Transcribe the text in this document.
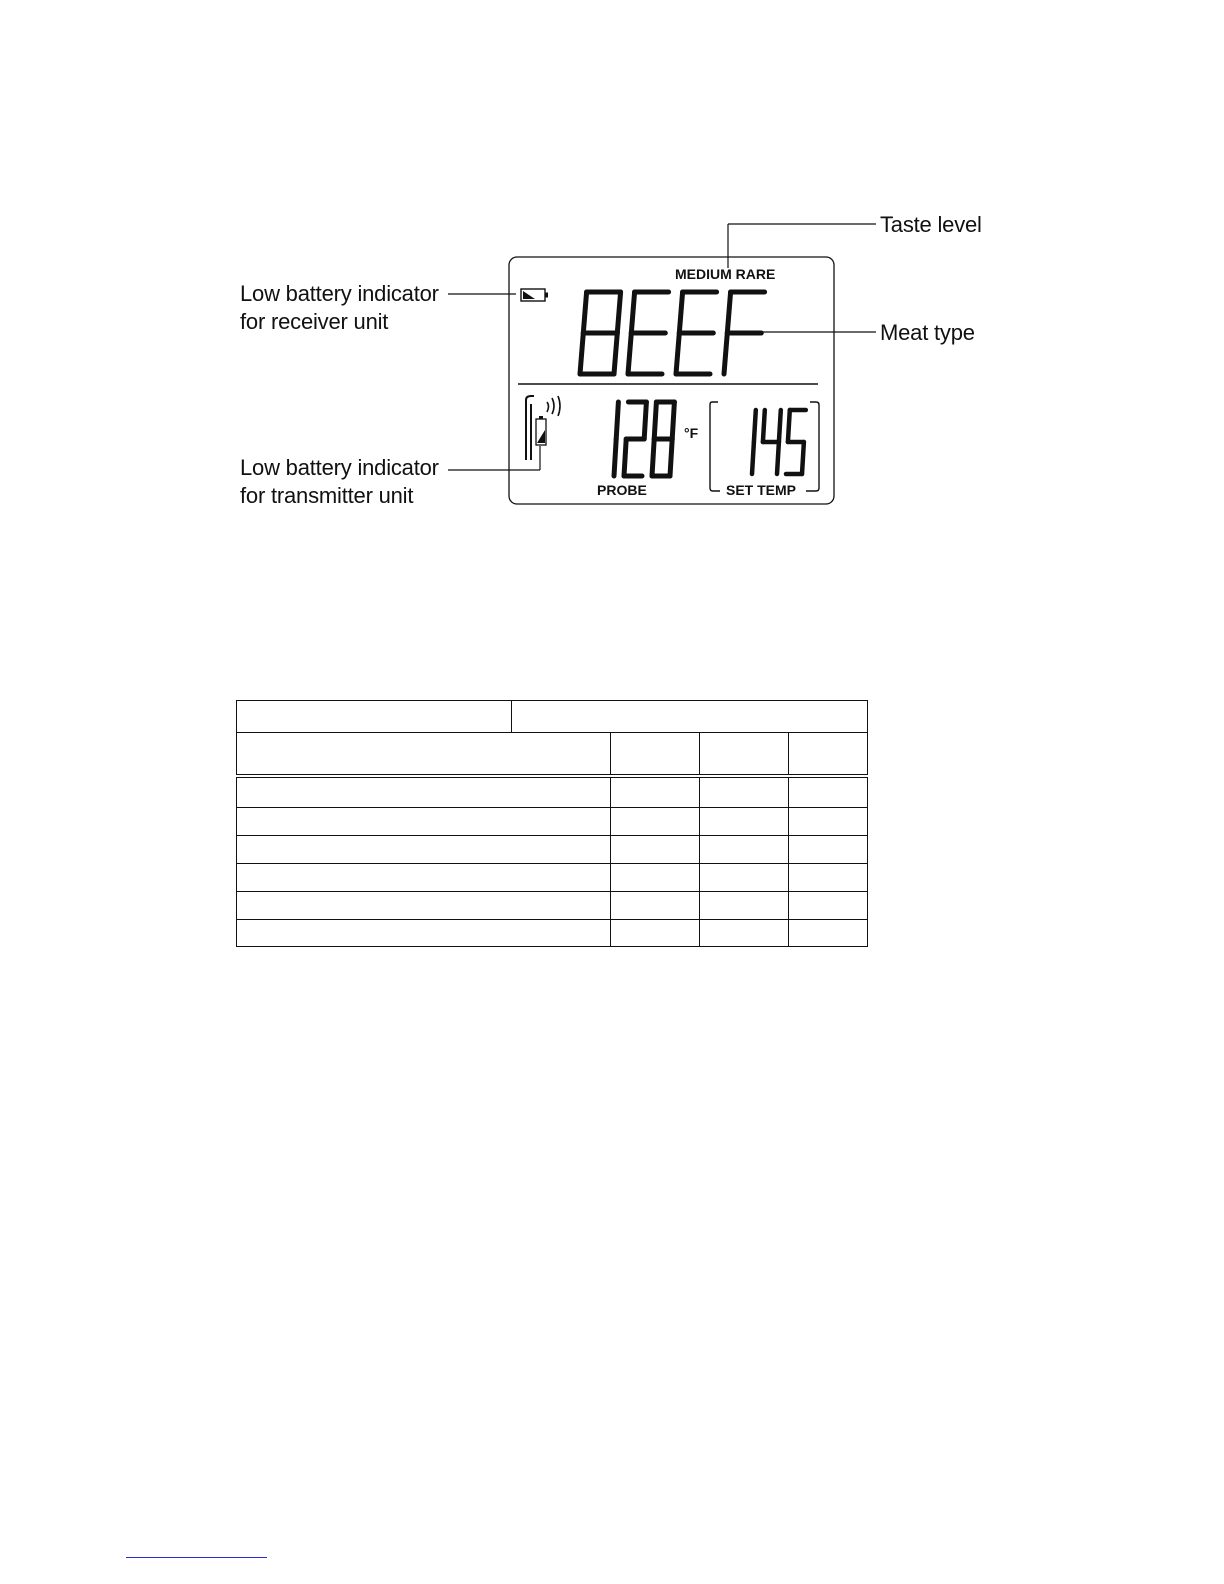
Taste level
Meat type
Low battery indicator
for receiver unit
Low battery indicator
for transmitter unit
MEDIUM RARE
°F
PROBE	SET TEMP
